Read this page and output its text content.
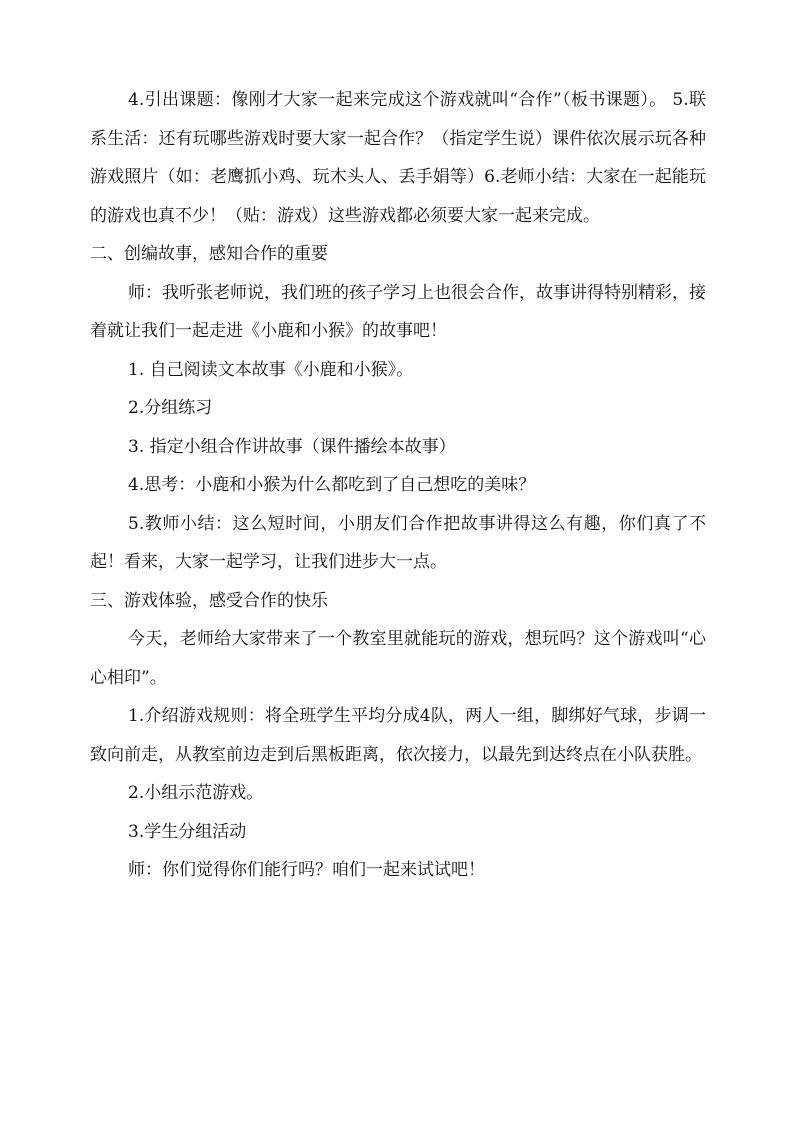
4.引出课题：像刚才大家一起来完成这个游戏就叫“合作”（板书课题）。 5.联系生活：还有玩哪些游戏时要大家一起合作？（指定学生说）课件依次展示玩各种游戏照片（如：老鹰抓小鸡、玩木头人、丢手娟等）6.老师小结：大家在一起能玩的游戏也真不少！（贴：游戏）这些游戏都必须要大家一起来完成。

二、创编故事，感知合作的重要

师：我听张老师说，我们班的孩子学习上也很会合作，故事讲得特别精彩，接着就让我们一起走进《小鹿和小猴》的故事吧！

1. 自己阅读文本故事《小鹿和小猴》。

2.分组练习

3. 指定小组合作讲故事（课件播绘本故事）

4.思考：小鹿和小猴为什么都吃到了自己想吃的美味？

5.教师小结：这么短时间，小朋友们合作把故事讲得这么有趣，你们真了不起！看来，大家一起学习，让我们进步大一点。

三、游戏体验，感受合作的快乐

今天，老师给大家带来了一个教室里就能玩的游戏，想玩吗？这个游戏叫“心心相印”。

1.介绍游戏规则：将全班学生平均分成4队，两人一组，脚绑好气球，步调一致向前走，从教室前边走到后黑板距离，依次接力，以最先到达终点在小队获胜。

2.小组示范游戏。

3.学生分组活动

师：你们觉得你们能行吗？咱们一起来试试吧！
